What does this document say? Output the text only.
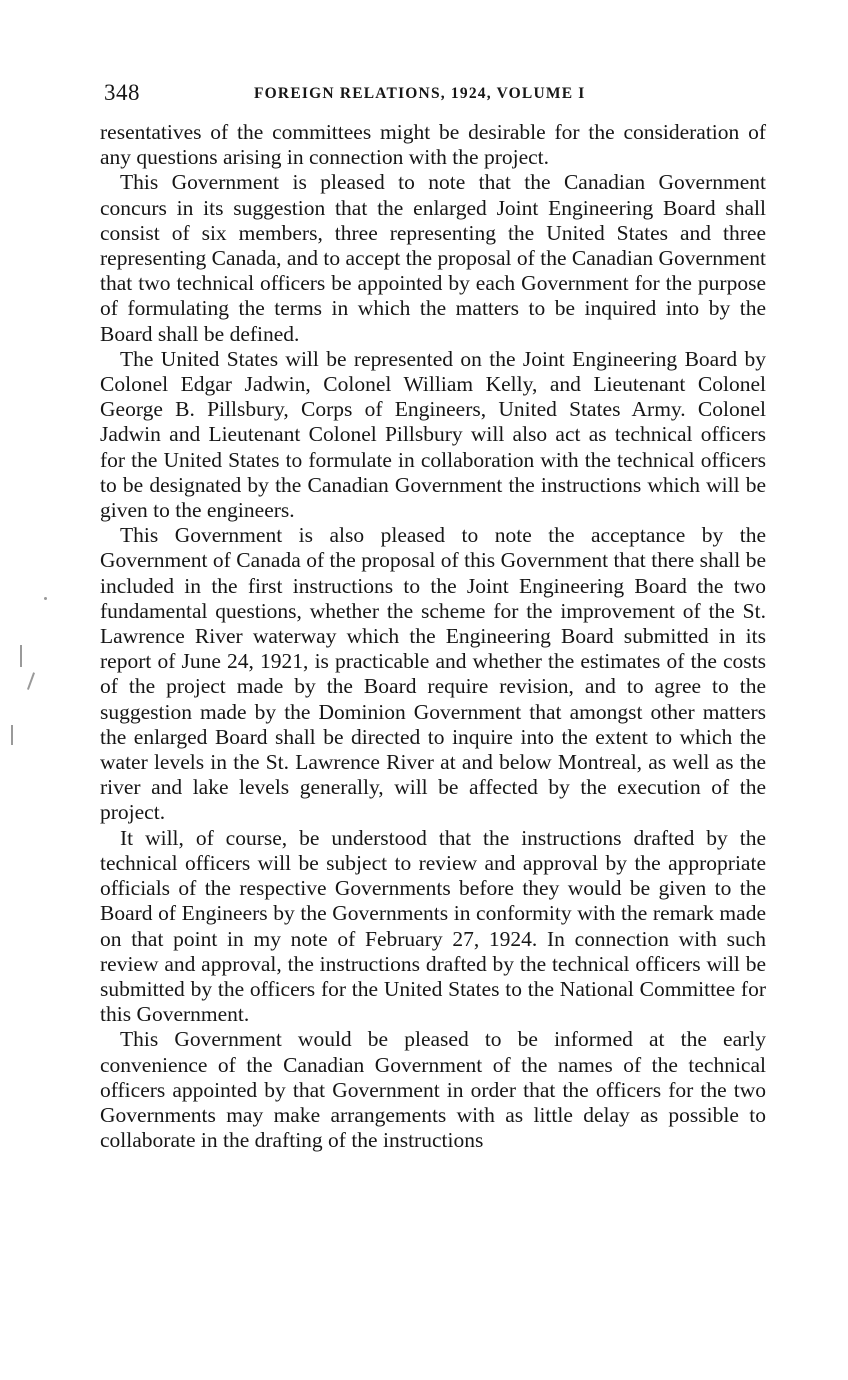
348	FOREIGN RELATIONS, 1924, VOLUME I

resentatives of the committees might be desirable for the consideration of any questions arising in connection with the project.

This Government is pleased to note that the Canadian Government concurs in its suggestion that the enlarged Joint Engineering Board shall consist of six members, three representing the United States and three representing Canada, and to accept the proposal of the Canadian Government that two technical officers be appointed by each Government for the purpose of formulating the terms in which the matters to be inquired into by the Board shall be defined.

The United States will be represented on the Joint Engineering Board by Colonel Edgar Jadwin, Colonel William Kelly, and Lieutenant Colonel George B. Pillsbury, Corps of Engineers, United States Army. Colonel Jadwin and Lieutenant Colonel Pillsbury will also act as technical officers for the United States to formulate in collaboration with the technical officers to be designated by the Canadian Government the instructions which will be given to the engineers.

This Government is also pleased to note the acceptance by the Government of Canada of the proposal of this Government that there shall be included in the first instructions to the Joint Engineering Board the two fundamental questions, whether the scheme for the improvement of the St. Lawrence River waterway which the Engineering Board submitted in its report of June 24, 1921, is practicable and whether the estimates of the costs of the project made by the Board require revision, and to agree to the suggestion made by the Dominion Government that amongst other matters the enlarged Board shall be directed to inquire into the extent to which the water levels in the St. Lawrence River at and below Montreal, as well as the river and lake levels generally, will be affected by the execution of the project.

It will, of course, be understood that the instructions drafted by the technical officers will be subject to review and approval by the appropriate officials of the respective Governments before they would be given to the Board of Engineers by the Governments in conformity with the remark made on that point in my note of February 27, 1924. In connection with such review and approval, the instructions drafted by the technical officers will be submitted by the officers for the United States to the National Committee for this Government.

This Government would be pleased to be informed at the early convenience of the Canadian Government of the names of the technical officers appointed by that Government in order that the officers for the two Governments may make arrangements with as little delay as possible to collaborate in the drafting of the instructions
